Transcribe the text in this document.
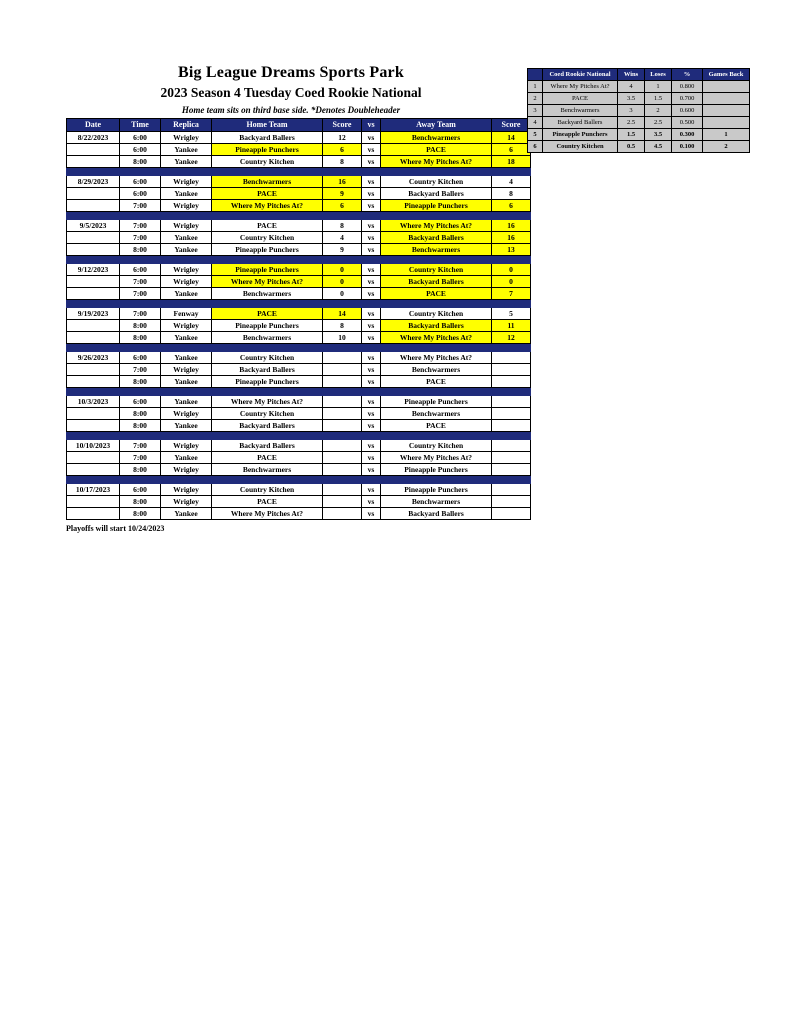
Big League Dreams Sports Park

2023 Season 4 Tuesday Coed Rookie National

Home team sits on third base side. *Denotes Doubleheader

Date	Time	Replica	Home Team	Score	vs	Away Team	Score
8/22/2023	6:00	Wrigley	Backyard Ballers	12	vs	Benchwarmers	14
	6:00	Yankee	Pineapple Punchers	6	vs	PACE	6
	8:00	Yankee	Country Kitchen	8	vs	Where My Pitches At?	18

8/29/2023	6:00	Wrigley	Benchwarmers	16	vs	Country Kitchen	4
	6:00	Yankee	PACE	9	vs	Backyard Ballers	8
	7:00	Wrigley	Where My Pitches At?	6	vs	Pineapple Punchers	6

9/5/2023	7:00	Wrigley	PACE	8	vs	Where My Pitches At?	16
	7:00	Yankee	Country Kitchen	4	vs	Backyard Ballers	16
	8:00	Yankee	Pineapple Punchers	9	vs	Benchwarmers	13

9/12/2023	6:00	Wrigley	Pineapple Punchers	0	vs	Country Kitchen	0
	7:00	Wrigley	Where My Pitches At?	0	vs	Backyard Ballers	0
	7:00	Yankee	Benchwarmers	0	vs	PACE	7

9/19/2023	7:00	Fenway	PACE	14	vs	Country Kitchen	5
	8:00	Wrigley	Pineapple Punchers	8	vs	Backyard Ballers	11
	8:00	Yankee	Benchwarmers	10	vs	Where My Pitches At?	12

9/26/2023	6:00	Yankee	Country Kitchen		vs	Where My Pitches At?	
	7:00	Wrigley	Backyard Ballers		vs	Benchwarmers	
	8:00	Yankee	Pineapple Punchers		vs	PACE	

10/3/2023	6:00	Yankee	Where My Pitches At?		vs	Pineapple Punchers	
	8:00	Wrigley	Country Kitchen		vs	Benchwarmers	
	8:00	Yankee	Backyard Ballers		vs	PACE	

10/10/2023	7:00	Wrigley	Backyard Ballers		vs	Country Kitchen	
	7:00	Yankee	PACE		vs	Where My Pitches At?	
	8:00	Wrigley	Benchwarmers		vs	Pineapple Punchers	

10/17/2023	6:00	Wrigley	Country Kitchen		vs	Pineapple Punchers	
	8:00	Wrigley	PACE		vs	Benchwarmers	
	8:00	Yankee	Where My Pitches At?		vs	Backyard Ballers	
Playoffs will start 10/24/2023
	Coed Rookie National	Wins	Loses	%	Games Back
1	Where My Pitches At?	4	1	0.800	
2	PACE	3.5	1.5	0.700	
3	Benchwarmers	3	2	0.600	
4	Backyard Ballers	2.5	2.5	0.500	
5	Pineapple Punchers	1.5	3.5	0.300	1
6	Country Kitchen	0.5	4.5	0.100	2
